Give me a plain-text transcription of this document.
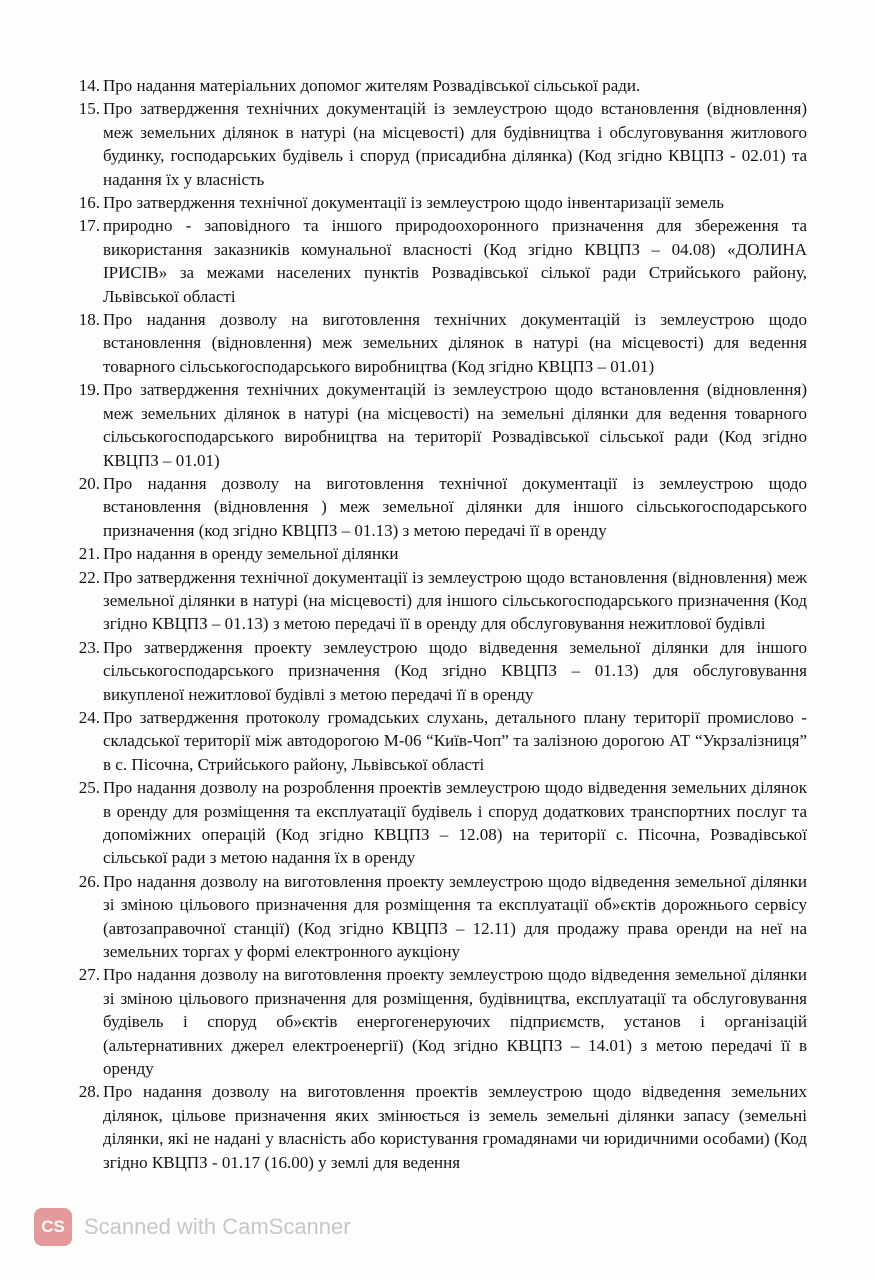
14. Про надання матеріальних допомог жителям Розвадівської сільської ради.
15. Про затвердження технічних документацій із землеустрою щодо встановлення (відновлення) меж земельних ділянок в натурі (на місцевості) для будівництва і обслуговування житлового будинку, господарських будівель і споруд (присадибна ділянка) (Код згідно КВЦПЗ - 02.01) та надання їх у власність
16. Про затвердження технічної документації із землеустрою щодо інвентаризації земель
17. природно - заповідного та іншого природоохоронного призначення для збереження та використання заказників комунальної власності (Код згідно КВЦПЗ – 04.08) «ДОЛИНА ІРИСІВ» за межами населених пунктів Розвадівської сілької ради Стрийського району, Львівської області
18. Про надання дозволу на виготовлення технічних документацій із землеустрою щодо встановлення (відновлення) меж земельних ділянок в натурі (на місцевості) для ведення товарного сільськогосподарського виробництва (Код згідно КВЦПЗ – 01.01)
19. Про затвердження технічних документацій із землеустрою щодо встановлення (відновлення) меж земельних ділянок в натурі (на місцевості) на земельні ділянки для ведення товарного сільськогосподарського виробництва на території Розвадівської сільської ради (Код згідно КВЦПЗ – 01.01)
20. Про надання дозволу на виготовлення технічної документації із землеустрою щодо встановлення (відновлення ) меж земельної ділянки для іншого сільськогосподарського призначення (код згідно КВЦПЗ – 01.13) з метою передачі її в оренду
21. Про надання в оренду земельної ділянки
22. Про затвердження технічної документації із землеустрою щодо встановлення (відновлення) меж земельної ділянки в натурі (на місцевості) для іншого сільськогосподарського призначення (Код згідно КВЦПЗ – 01.13) з метою передачі її в оренду для обслуговування нежитлової будівлі
23. Про затвердження проекту землеустрою щодо відведення земельної ділянки для іншого сільськогосподарського призначення (Код згідно КВЦПЗ – 01.13) для обслуговування викупленої нежитлової будівлі з метою передачі її в оренду
24. Про затвердження протоколу громадських слухань, детального плану території промислово - складської території між автодорогою М-06 “Київ-Чоп” та залізною дорогою АТ “Укрзалізниця” в с. Пісочна, Стрийського району, Львівської області
25. Про надання дозволу на розроблення проектів землеустрою щодо відведення земельних ділянок в оренду для розміщення та експлуатації будівель і споруд додаткових транспортних послуг та допоміжних операцій (Код згідно КВЦПЗ – 12.08) на території с. Пісочна, Розвадівської сільської ради з метою надання їх в оренду
26. Про надання дозволу на виготовлення проекту землеустрою щодо відведення земельної ділянки зі зміною цільового призначення для розміщення та експлуатації об»єктів дорожнього сервісу (автозаправочної станції) (Код згідно КВЦПЗ – 12.11) для продажу права оренди на неї на земельних торгах у формі електронного аукціону
27. Про надання дозволу на виготовлення проекту землеустрою щодо відведення земельної ділянки зі зміною цільового призначення для розміщення, будівництва, експлуатації та обслуговування будівель і споруд об»єктів енергогенеруючих підприємств, установ і організацій (альтернативних джерел електроенергії) (Код згідно КВЦПЗ – 14.01) з метою передачі її в оренду
28. Про надання дозволу на виготовлення проектів землеустрою щодо відведення земельних ділянок, цільове призначення яких змінюється із земель земельні ділянки запасу (земельні ділянки, які не надані у власність або користування громадянами чи юридичними особами) (Код згідно КВЦПЗ - 01.17 (16.00) у землі для ведення
CS Scanned with CamScanner
